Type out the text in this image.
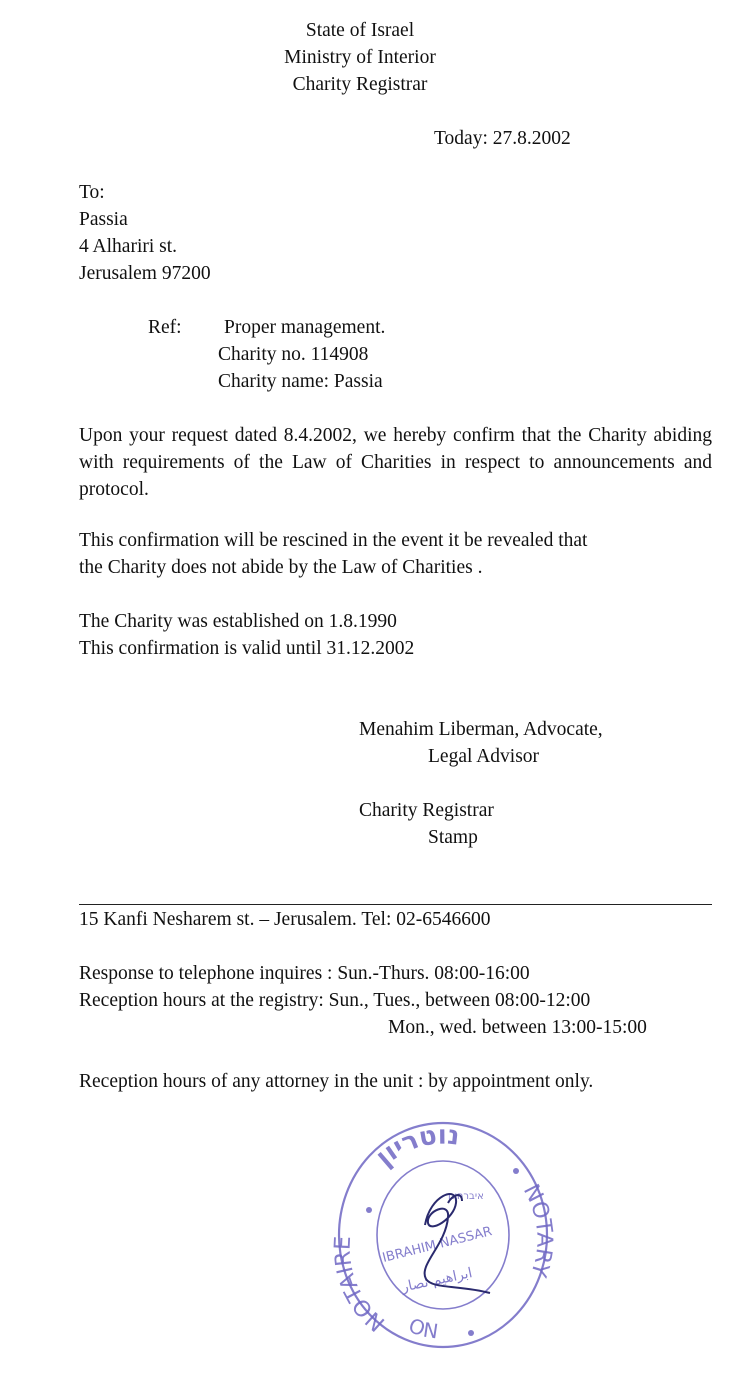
State of Israel
Ministry of Interior
Charity Registrar
Today: 27.8.2002
To:
Passia
4 Alhariri st.
Jerusalem 97200
Ref: Proper management.
Charity no. 114908
Charity name: Passia
Upon your request dated 8.4.2002, we hereby confirm that the Charity abiding with requirements of the Law of Charities in respect to announcements and protocol.
This confirmation will be rescined in the event it be revealed that
the Charity does not abide by the Law of Charities .
The Charity was established on 1.8.1990
This confirmation is valid until 31.12.2002
Menahim Liberman, Advocate,
Legal Advisor
Charity Registrar
Stamp
15 Kanfi Nesharem st. – Jerusalem. Tel: 02-6546600
Response to telephone inquires : Sun.-Thurs. 08:00-16:00
Reception hours at the registry: Sun., Tues., between 08:00-12:00
Mon., wed. between 13:00-15:00
Reception hours of any attorney in the unit : by appointment only.
נוטריון
NOTARY
NOTAIRE
ON
איברהים
IBRAHIM NASSAR
ابراهيم نصار
